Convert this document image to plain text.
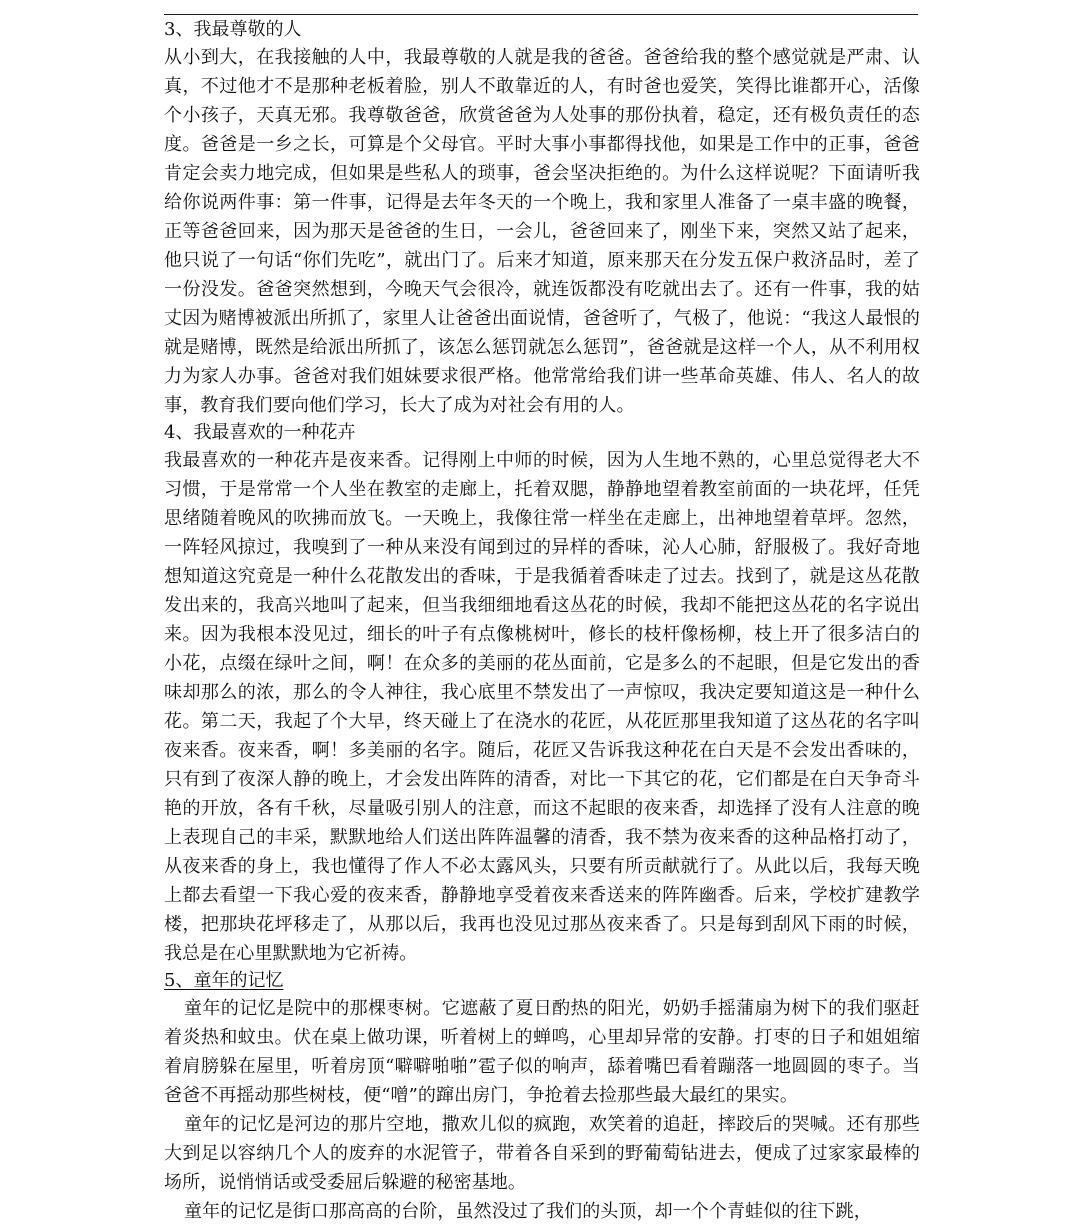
3、我最尊敬的人

从小到大，在我接触的人中，我最尊敬的人就是我的爸爸。爸爸给我的整个感觉就是严肃、认真，不过他才不是那种老板着脸，别人不敢靠近的人，有时爸也爱笑，笑得比谁都开心，活像个小孩子，天真无邪。我尊敬爸爸，欣赏爸爸为人处事的那份执着，稳定，还有极负责任的态度。爸爸是一乡之长，可算是个父母官。平时大事小事都得找他，如果是工作中的正事，爸爸肯定会卖力地完成，但如果是些私人的琐事，爸会坚决拒绝的。为什么这样说呢？下面请听我给你说两件事：第一件事，记得是去年冬天的一个晚上，我和家里人准备了一桌丰盛的晚餐，正等爸爸回来，因为那天是爸爸的生日，一会儿，爸爸回来了，刚坐下来，突然又站了起来，他只说了一句话“你们先吃”，就出门了。后来才知道，原来那天在分发五保户救济品时，差了一份没发。爸爸突然想到，今晚天气会很冷，就连饭都没有吃就出去了。还有一件事，我的姑丈因为赌博被派出所抓了，家里人让爸爸出面说情，爸爸听了，气极了，他说：“我这人最恨的就是赌博，既然是给派出所抓了，该怎么惩罚就怎么惩罚”，爸爸就是这样一个人，从不利用权力为家人办事。爸爸对我们姐妹要求很严格。他常常给我们讲一些革命英雄、伟人、名人的故事，教育我们要向他们学习，长大了成为对社会有用的人。

4、我最喜欢的一种花卉

我最喜欢的一种花卉是夜来香。记得刚上中师的时候，因为人生地不熟的，心里总觉得老大不习惯，于是常常一个人坐在教室的走廊上，托着双腮，静静地望着教室前面的一块花坪，任凭思绪随着晚风的吹拂而放飞。一天晚上，我像往常一样坐在走廊上，出神地望着草坪。忽然，一阵轻风掠过，我嗅到了一种从来没有闻到过的异样的香味，沁人心肺，舒服极了。我好奇地想知道这究竟是一种什么花散发出的香味，于是我循着香味走了过去。找到了，就是这丛花散发出来的，我高兴地叫了起来，但当我细细地看这丛花的时候，我却不能把这丛花的名字说出来。因为我根本没见过，细长的叶子有点像桃树叶，修长的枝杆像杨柳，枝上开了很多洁白的小花，点缀在绿叶之间，啊！在众多的美丽的花丛面前，它是多么的不起眼，但是它发出的香味却那么的浓，那么的令人神往，我心底里不禁发出了一声惊叹，我决定要知道这是一种什么花。第二天，我起了个大早，终天碰上了在浇水的花匠，从花匠那里我知道了这丛花的名字叫夜来香。夜来香，啊！多美丽的名字。随后，花匠又告诉我这种花在白天是不会发出香味的，只有到了夜深人静的晚上，才会发出阵阵的清香，对比一下其它的花，它们都是在白天争奇斗艳的开放，各有千秋，尽量吸引别人的注意，而这不起眼的夜来香，却选择了没有人注意的晚上表现自己的丰采，默默地给人们送出阵阵温馨的清香，我不禁为夜来香的这种品格打动了，从夜来香的身上，我也懂得了作人不必太露风头，只要有所贡献就行了。从此以后，我每天晚上都去看望一下我心爱的夜来香，静静地享受着夜来香送来的阵阵幽香。后来，学校扩建教学楼，把那块花坪移走了，从那以后，我再也没见过那丛夜来香了。只是每到刮风下雨的时候，我总是在心里默默地为它祈祷。

5、童年的记忆

童年的记忆是院中的那棵枣树。它遮蔽了夏日酌热的阳光，奶奶手摇蒲扇为树下的我们驱赶着炎热和蚊虫。伏在桌上做功课，听着树上的蝉鸣，心里却异常的安静。打枣的日子和姐姐缩着肩膀躲在屋里，听着房顶“噼噼啪啪”雹子似的响声，舔着嘴巴看着蹦落一地圆圆的枣子。当爸爸不再摇动那些树枝，便“噌”的蹿出房门，争抢着去捡那些最大最红的果实。

童年的记忆是河边的那片空地，撒欢儿似的疯跑，欢笑着的追赶，摔跤后的哭喊。还有那些大到足以容纳几个人的废弃的水泥管子，带着各自采到的野葡萄钻进去，便成了过家家最棒的场所，说悄悄话或受委屈后躲避的秘密基地。

童年的记忆是街口那高高的台阶，虽然没过了我们的头顶，却一个个青蛙似的往下跳，
